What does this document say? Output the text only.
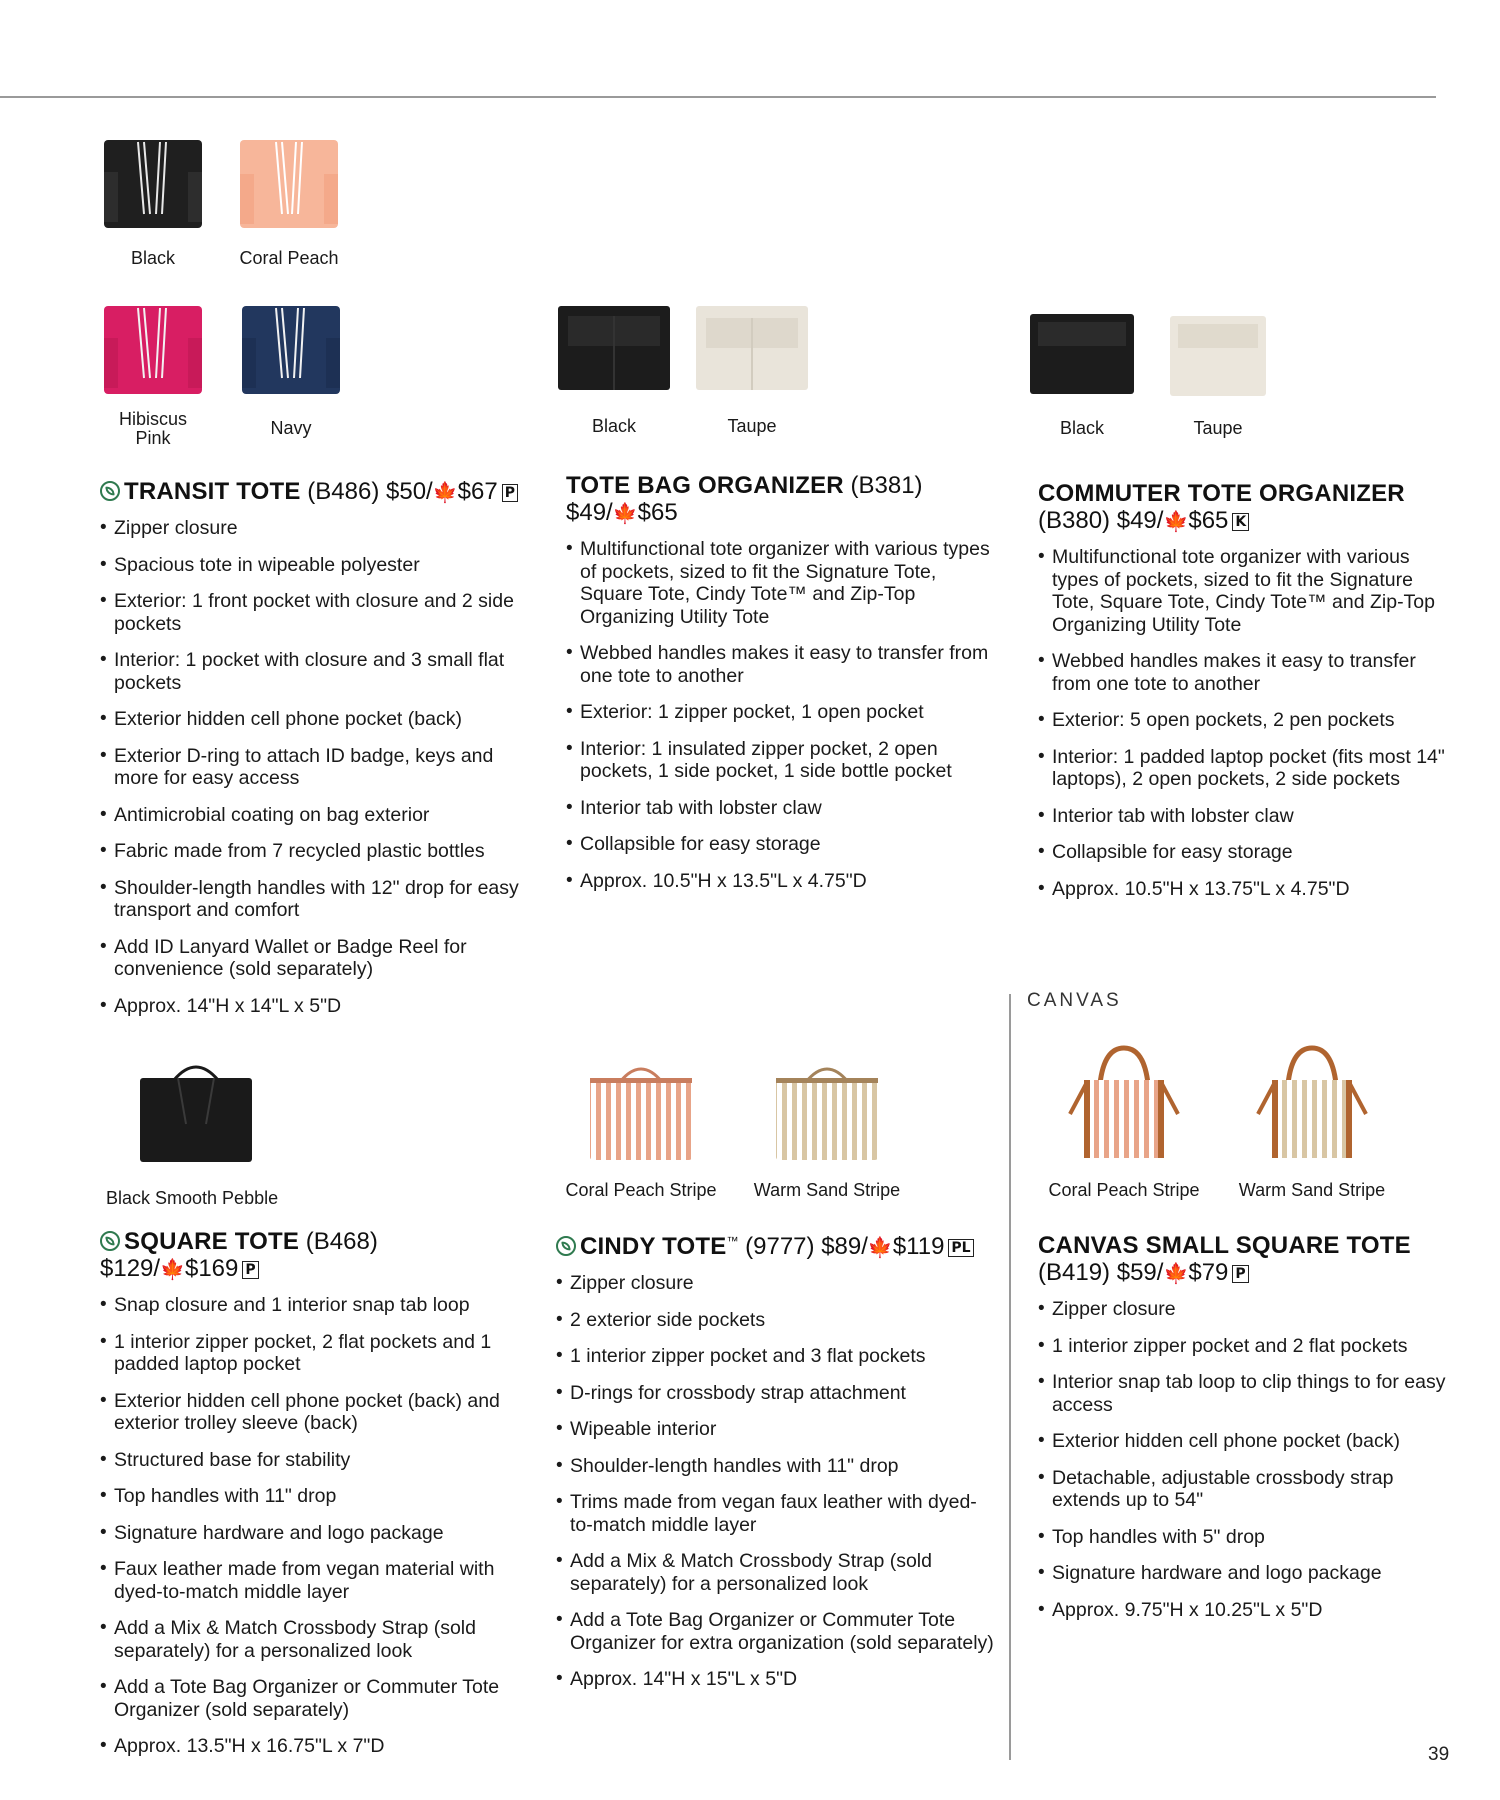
Black	Coral Peach
Hibiscus Pink	Navy	Black	Taupe	Black	Taupe
TRANSIT TOTE (B486) $50/🍁$67 P
• Zipper closure
• Spacious tote in wipeable polyester
• Exterior: 1 front pocket with closure and 2 side pockets
• Interior: 1 pocket with closure and 3 small flat pockets
• Exterior hidden cell phone pocket (back)
• Exterior D-ring to attach ID badge, keys and more for easy access
• Antimicrobial coating on bag exterior
• Fabric made from 7 recycled plastic bottles
• Shoulder-length handles with 12" drop for easy transport and comfort
• Add ID Lanyard Wallet or Badge Reel for convenience (sold separately)
• Approx. 14"H x 14"L x 5"D
TOTE BAG ORGANIZER (B381)
$49/🍁$65
• Multifunctional tote organizer with various types of pockets, sized to fit the Signature Tote, Square Tote, Cindy Tote™ and Zip-Top Organizing Utility Tote
• Webbed handles makes it easy to transfer from one tote to another
• Exterior: 1 zipper pocket, 1 open pocket
• Interior: 1 insulated zipper pocket, 2 open pockets, 1 side pocket, 1 side bottle pocket
• Interior tab with lobster claw
• Collapsible for easy storage
• Approx. 10.5"H x 13.5"L x 4.75"D
COMMUTER TOTE ORGANIZER
(B380) $49/🍁$65 K
• Multifunctional tote organizer with various types of pockets, sized to fit the Signature Tote, Square Tote, Cindy Tote™ and Zip-Top Organizing Utility Tote
• Webbed handles makes it easy to transfer from one tote to another
• Exterior: 5 open pockets, 2 pen pockets
• Interior: 1 padded laptop pocket (fits most 14" laptops), 2 open pockets, 2 side pockets
• Interior tab with lobster claw
• Collapsible for easy storage
• Approx. 10.5"H x 13.75"L x 4.75"D
CANVAS
Black Smooth Pebble	Coral Peach Stripe	Warm Sand Stripe	Coral Peach Stripe	Warm Sand Stripe
SQUARE TOTE (B468)
$129/🍁$169 P
• Snap closure and 1 interior snap tab loop
• 1 interior zipper pocket, 2 flat pockets and 1 padded laptop pocket
• Exterior hidden cell phone pocket (back) and exterior trolley sleeve (back)
• Structured base for stability
• Top handles with 11" drop
• Signature hardware and logo package
• Faux leather made from vegan material with dyed-to-match middle layer
• Add a Mix & Match Crossbody Strap (sold separately) for a personalized look
• Add a Tote Bag Organizer or Commuter Tote Organizer (sold separately)
• Approx. 13.5"H x 16.75"L x 7"D
CINDY TOTE™ (9777) $89/🍁$119 PL
• Zipper closure
• 2 exterior side pockets
• 1 interior zipper pocket and 3 flat pockets
• D-rings for crossbody strap attachment
• Wipeable interior
• Shoulder-length handles with 11" drop
• Trims made from vegan faux leather with dyed-to-match middle layer
• Add a Mix & Match Crossbody Strap (sold separately) for a personalized look
• Add a Tote Bag Organizer or Commuter Tote Organizer for extra organization (sold separately)
• Approx. 14"H x 15"L x 5"D
CANVAS SMALL SQUARE TOTE
(B419) $59/🍁$79 P
• Zipper closure
• 1 interior zipper pocket and 2 flat pockets
• Interior snap tab loop to clip things to for easy access
• Exterior hidden cell phone pocket (back)
• Detachable, adjustable crossbody strap extends up to 54"
• Top handles with 5" drop
• Signature hardware and logo package
• Approx. 9.75"H x 10.25"L x 5"D
39
